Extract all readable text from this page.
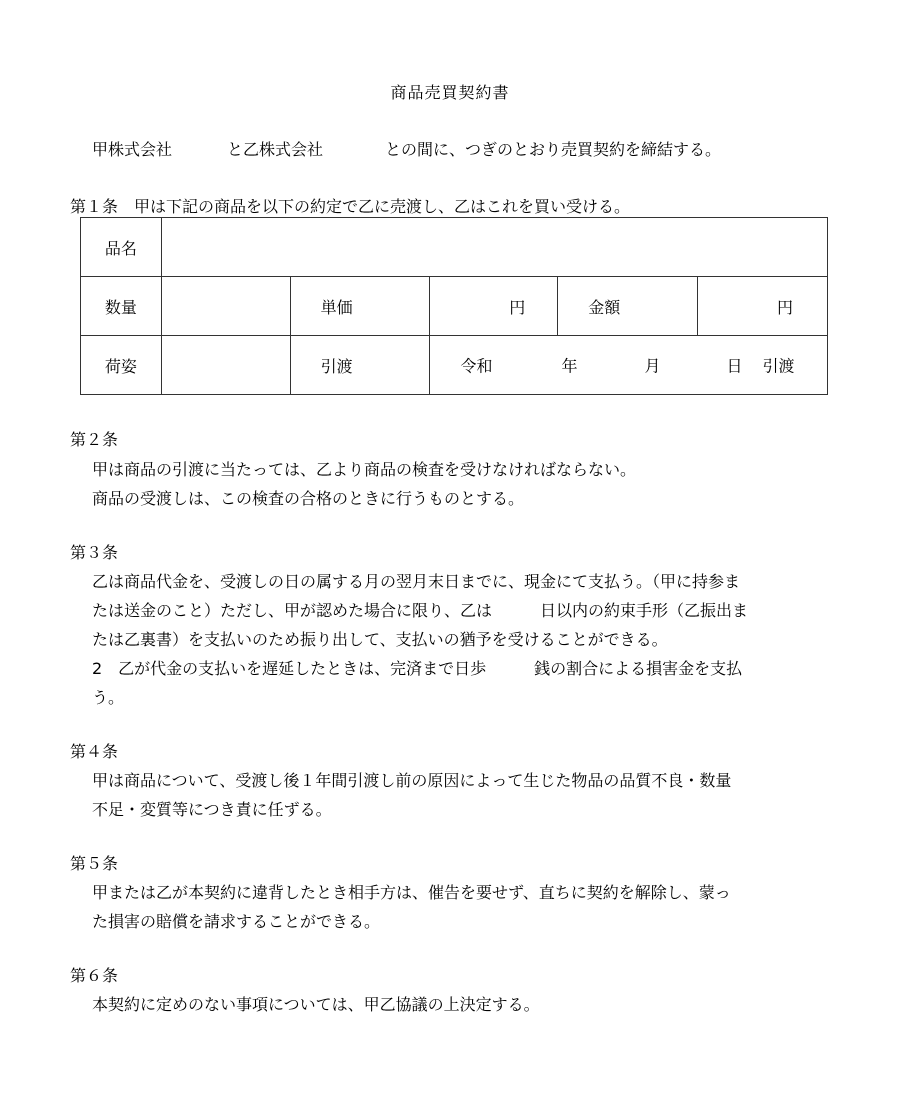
商品売買契約書
甲株式会社	と乙株式会社	との間に、つぎのとおり売買契約を締結する。
第１条　甲は下記の商品を以下の約定で乙に売渡し、乙はこれを買い受ける。
品名					
数量		単価	円	金額	円
荷姿		引渡	令和 年 月 日 引渡		
第２条
甲は商品の引渡に当たっては、乙より商品の検査を受けなければならない。
商品の受渡しは、この検査の合格のときに行うものとする。
第３条
乙は商品代金を、受渡しの日の属する月の翌月末日までに、現金にて支払う。（甲に持参ま
たは送金のこと）ただし、甲が認めた場合に限り、乙は　　　日以内の約束手形（乙振出ま
たは乙裏書）を支払いのため振り出して、支払いの猶予を受けることができる。
2　乙が代金の支払いを遅延したときは、完済まで日歩　　　銭の割合による損害金を支払
う。
第４条
甲は商品について、受渡し後１年間引渡し前の原因によって生じた物品の品質不良・数量
不足・変質等につき責に任ずる。
第５条
甲または乙が本契約に違背したとき相手方は、催告を要せず、直ちに契約を解除し、蒙っ
た損害の賠償を請求することができる。
第６条
本契約に定めのない事項については、甲乙協議の上決定する。
